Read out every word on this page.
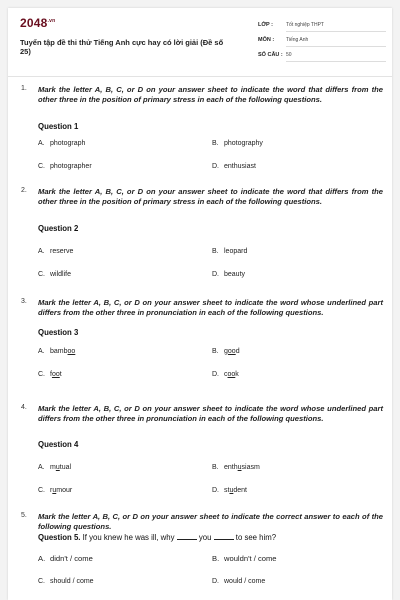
$2048^{.vn}$
Tuyển tập đề thi thử Tiếng Anh cực hay có lời giải (Đề số 25)
LỚP :	Tốt nghiệp THPT
MÔN : Tiếng Anh
SỐ CÂU : 50
1. Mark the letter A, B, C, or D on your answer sheet to indicate the word that differs from the other three in the position of primary stress in each of the following questions.
Question 1
A. photograph	B. photography
C. photographer	D. enthusiast
2. Mark the letter A, B, C, or D on your answer sheet to indicate the word that differs from the other three in the position of primary stress in each of the following questions.
Question 2
A. reserve	B. leopard
C. wildlife	D. beauty
3. Mark the letter A, B, C, or D on your answer sheet to indicate the word whose underlined part differs from the other three in pronunciation in each of the following questions.
Question 3
A. bamboo	B. good
C. foot	D. cook
4. Mark the letter A, B, C, or D on your answer sheet to indicate the word whose underlined part differs from the other three in pronunciation in each of the following questions.
Question 4
A. mutual	B. enthusiasm
C. rumour	D. student
5. Mark the letter A, B, C, or D on your answer sheet to indicate the correct answer to each of the following questions.
Question 5. If you knew he was ill, why	you	to see him?
A. didn't / come	B. wouldn't / come
C. should / come	D. would / come
